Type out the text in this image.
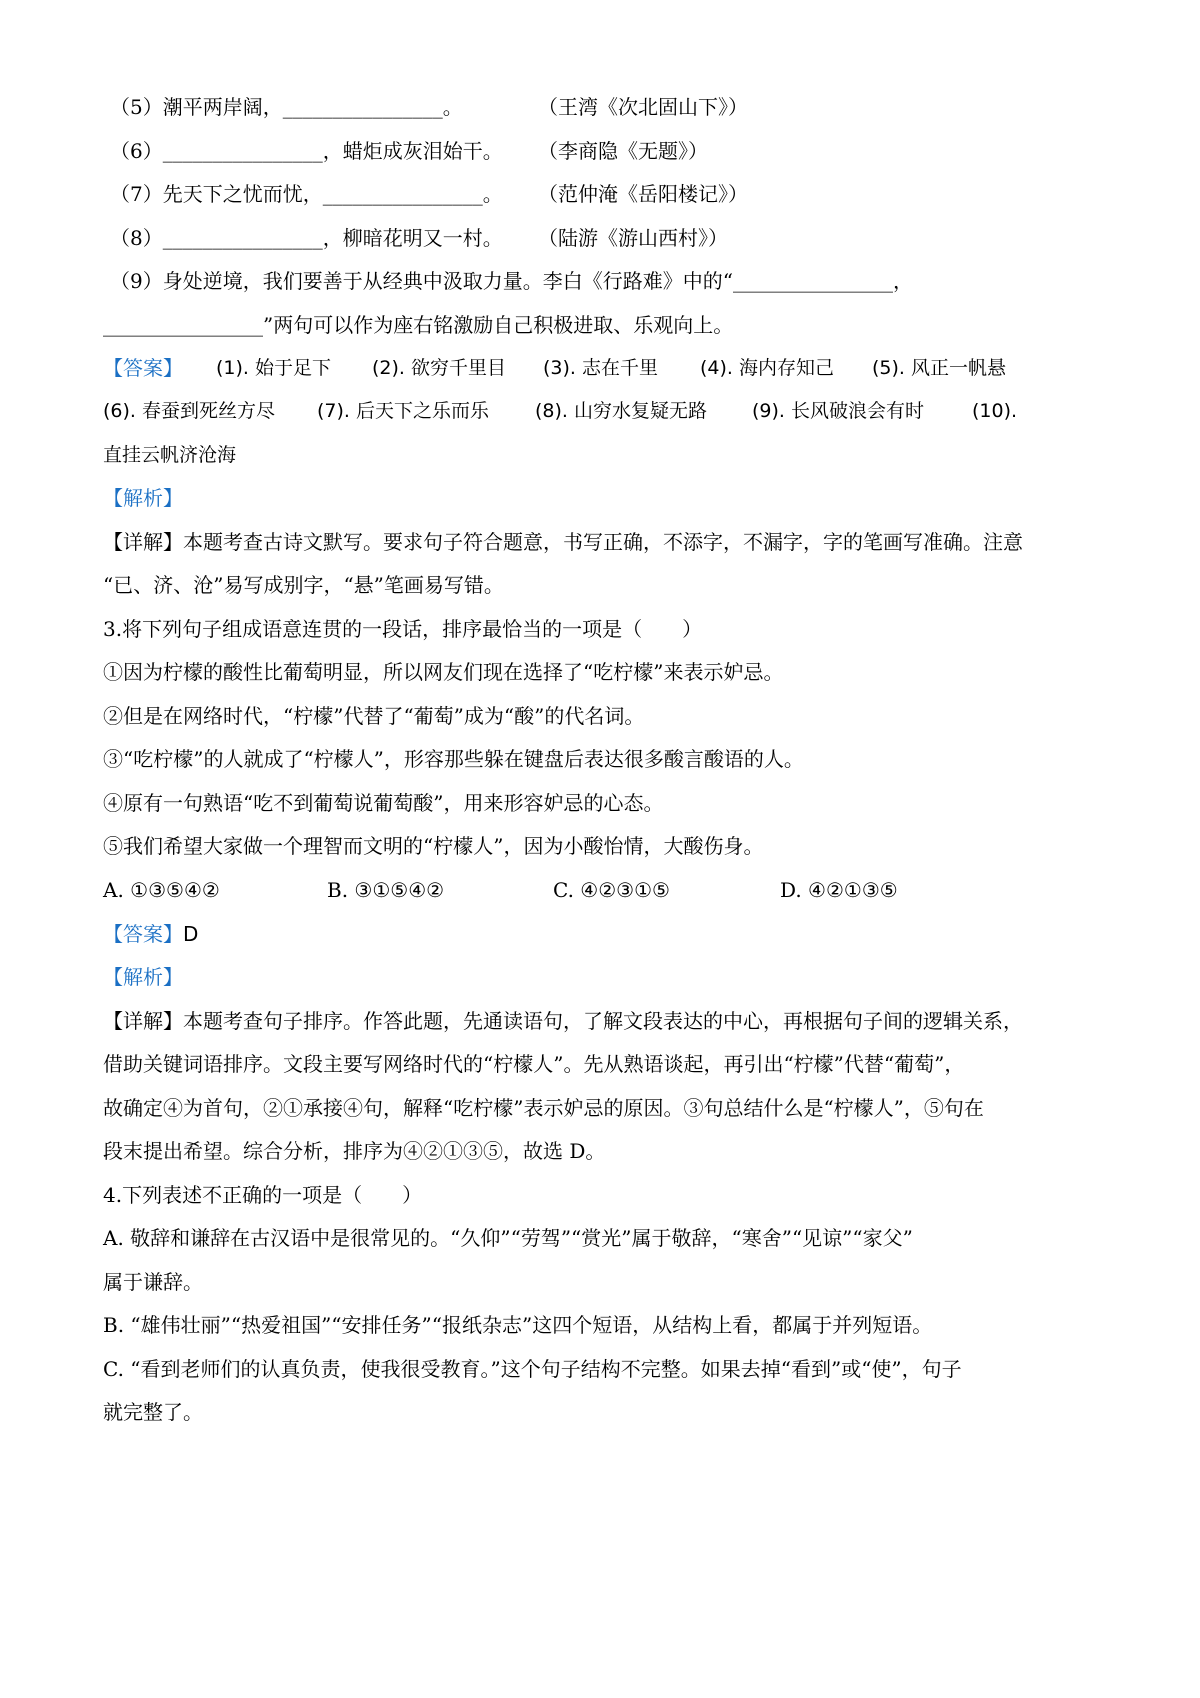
（5）潮平两岸阔，________________。	（王湾《次北固山下》）
（6）________________，蜡炬成灰泪始干。 （李商隐《无题》）
（7）先天下之忧而忧，________________。 （范仲淹《岳阳楼记》）
（8）________________，柳暗花明又一村。 （陆游《游山西村》）
（9）身处逆境，我们要善于从经典中汲取力量。李白《行路难》中的“________________，
________________”两句可以作为座右铭激励自己积极进取、乐观向上。
【答案】 (1). 始于足下 (2). 欲穷千里目 (3). 志在千里 (4). 海内存知己 (5). 风正一帆悬
(6). 春蚕到死丝方尽 (7). 后天下之乐而乐 (8). 山穷水复疑无路 (9). 长风破浪会有时	(10).
直挂云帆济沧海
【解析】
【详解】本题考查古诗文默写。要求句子符合题意，书写正确，不添字，不漏字，字的笔画写准确。注意
“已、济、沧”易写成别字，“悬”笔画易写错。
3.将下列句子组成语意连贯的一段话，排序最恰当的一项是（　　）
①因为柠檬的酸性比葡萄明显，所以网友们现在选择了“吃柠檬”来表示妒忌。
②但是在网络时代，“柠檬”代替了“葡萄”成为“酸”的代名词。
③“吃柠檬”的人就成了“柠檬人”，形容那些躲在键盘后表达很多酸言酸语的人。
④原有一句熟语“吃不到葡萄说葡萄酸”，用来形容妒忌的心态。
⑤我们希望大家做一个理智而文明的“柠檬人”，因为小酸怡情，大酸伤身。
A. ①③⑤④②	B. ③①⑤④②	C. ④②③①⑤	D. ④②①③⑤
【答案】D
【解析】
【详解】本题考查句子排序。作答此题，先通读语句，了解文段表达的中心，再根据句子间的逻辑关系，
借助关键词语排序。文段主要写网络时代的“柠檬人”。先从熟语谈起，再引出“柠檬”代替“葡萄”，
故确定④为首句，②①承接④句，解释“吃柠檬”表示妒忌的原因。③句总结什么是“柠檬人”，⑤句在
段末提出希望。综合分析，排序为④②①③⑤，故选 D。
4.下列表述不正确的一项是（　　）
A. 敬辞和谦辞在古汉语中是很常见的。“久仰”“劳驾”“赏光”属于敬辞，“寒舍”“见谅”“家父”
属于谦辞。
B. “雄伟壮丽”“热爱祖国”“安排任务”“报纸杂志”这四个短语，从结构上看，都属于并列短语。
C. “看到老师们的认真负责，使我很受教育。”这个句子结构不完整。如果去掉“看到”或“使”，句子
就完整了。
